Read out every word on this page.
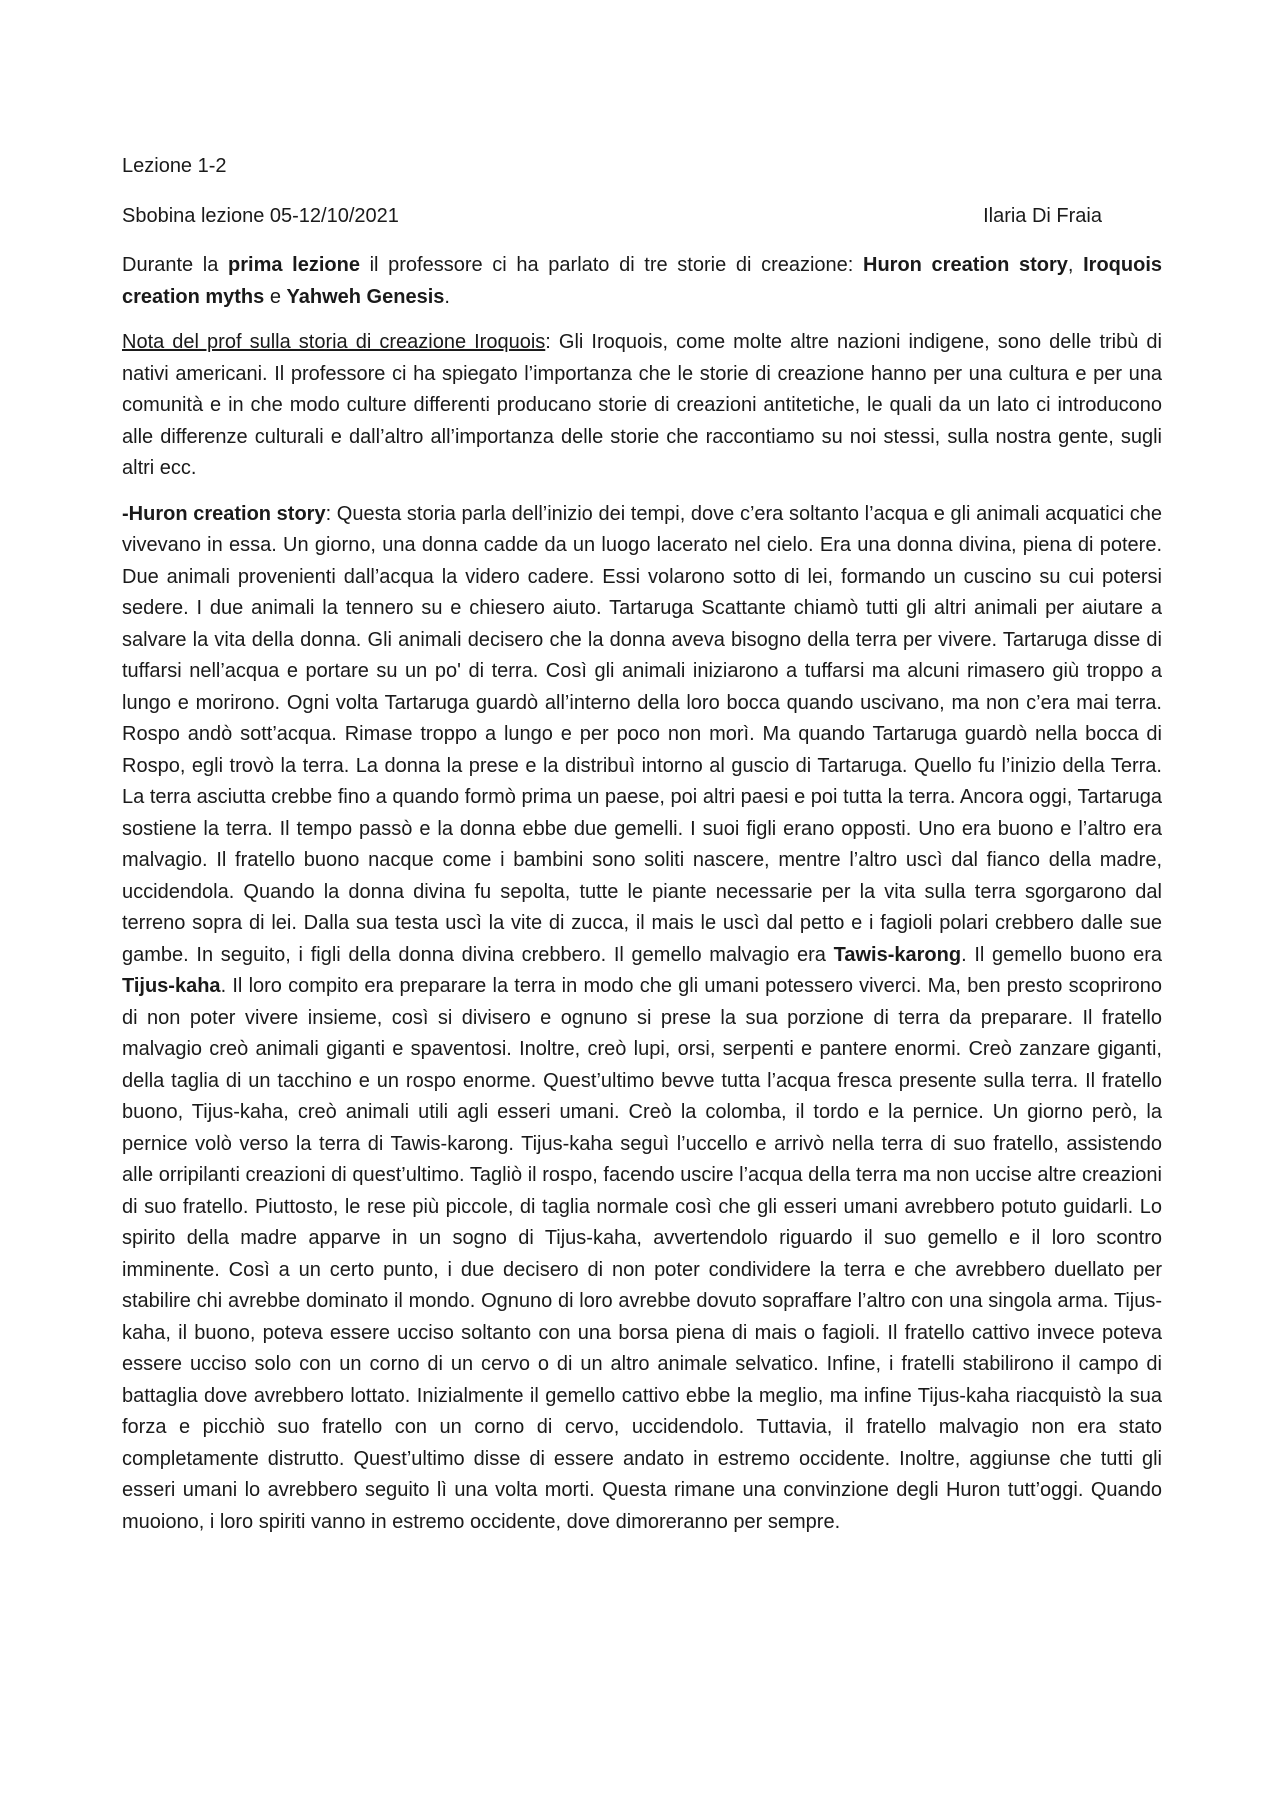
Lezione 1-2

Sbobina lezione 05-12/10/2021	Ilaria Di Fraia

Durante la prima lezione il professore ci ha parlato di tre storie di creazione: Huron creation story, Iroquois creation myths e Yahweh Genesis.

Nota del prof sulla storia di creazione Iroquois: Gli Iroquois, come molte altre nazioni indigene, sono delle tribù di nativi americani. Il professore ci ha spiegato l’importanza che le storie di creazione hanno per una cultura e per una comunità e in che modo culture differenti producano storie di creazioni antitetiche, le quali da un lato ci introducono alle differenze culturali e dall’altro all’importanza delle storie che raccontiamo su noi stessi, sulla nostra gente, sugli altri ecc.

-Huron creation story: Questa storia parla dell’inizio dei tempi, dove c’era soltanto l’acqua e gli animali acquatici che vivevano in essa. Un giorno, una donna cadde da un luogo lacerato nel cielo. Era una donna divina, piena di potere. Due animali provenienti dall’acqua la videro cadere. Essi volarono sotto di lei, formando un cuscino su cui potersi sedere. I due animali la tennero su e chiesero aiuto. Tartaruga Scattante chiamò tutti gli altri animali per aiutare a salvare la vita della donna. Gli animali decisero che la donna aveva bisogno della terra per vivere. Tartaruga disse di tuffarsi nell’acqua e portare su un po' di terra. Così gli animali iniziarono a tuffarsi ma alcuni rimasero giù troppo a lungo e morirono. Ogni volta Tartaruga guardò all’interno della loro bocca quando uscivano, ma non c’era mai terra. Rospo andò sott’acqua. Rimase troppo a lungo e per poco non morì. Ma quando Tartaruga guardò nella bocca di Rospo, egli trovò la terra. La donna la prese e la distribuì intorno al guscio di Tartaruga. Quello fu l’inizio della Terra. La terra asciutta crebbe fino a quando formò prima un paese, poi altri paesi e poi tutta la terra. Ancora oggi, Tartaruga sostiene la terra. Il tempo passò e la donna ebbe due gemelli. I suoi figli erano opposti. Uno era buono e l’altro era malvagio. Il fratello buono nacque come i bambini sono soliti nascere, mentre l’altro uscì dal fianco della madre, uccidendola. Quando la donna divina fu sepolta, tutte le piante necessarie per la vita sulla terra sgorgarono dal terreno sopra di lei. Dalla sua testa uscì la vite di zucca, il mais le uscì dal petto e i fagioli polari crebbero dalle sue gambe. In seguito, i figli della donna divina crebbero. Il gemello malvagio era Tawis-karong. Il gemello buono era Tijus-kaha. Il loro compito era preparare la terra in modo che gli umani potessero viverci. Ma, ben presto scoprirono di non poter vivere insieme, così si divisero e ognuno si prese la sua porzione di terra da preparare. Il fratello malvagio creò animali giganti e spaventosi. Inoltre, creò lupi, orsi, serpenti e pantere enormi. Creò zanzare giganti, della taglia di un tacchino e un rospo enorme. Quest’ultimo bevve tutta l’acqua fresca presente sulla terra. Il fratello buono, Tijus-kaha, creò animali utili agli esseri umani. Creò la colomba, il tordo e la pernice. Un giorno però, la pernice volò verso la terra di Tawis-karong. Tijus-kaha seguì l’uccello e arrivò nella terra di suo fratello, assistendo alle orripilanti creazioni di quest’ultimo. Tagliò il rospo, facendo uscire l’acqua della terra ma non uccise altre creazioni di suo fratello. Piuttosto, le rese più piccole, di taglia normale così che gli esseri umani avrebbero potuto guidarli. Lo spirito della madre apparve in un sogno di Tijus-kaha, avvertendolo riguardo il suo gemello e il loro scontro imminente. Così a un certo punto, i due decisero di non poter condividere la terra e che avrebbero duellato per stabilire chi avrebbe dominato il mondo. Ognuno di loro avrebbe dovuto sopraffare l’altro con una singola arma. Tijus-kaha, il buono, poteva essere ucciso soltanto con una borsa piena di mais o fagioli. Il fratello cattivo invece poteva essere ucciso solo con un corno di un cervo o di un altro animale selvatico. Infine, i fratelli stabilirono il campo di battaglia dove avrebbero lottato. Inizialmente il gemello cattivo ebbe la meglio, ma infine Tijus-kaha riacquistò la sua forza e picchiò suo fratello con un corno di cervo, uccidendolo. Tuttavia, il fratello malvagio non era stato completamente distrutto. Quest’ultimo disse di essere andato in estremo occidente. Inoltre, aggiunse che tutti gli esseri umani lo avrebbero seguito lì una volta morti. Questa rimane una convinzione degli Huron tutt’oggi. Quando muoiono, i loro spiriti vanno in estremo occidente, dove dimoreranno per sempre.
